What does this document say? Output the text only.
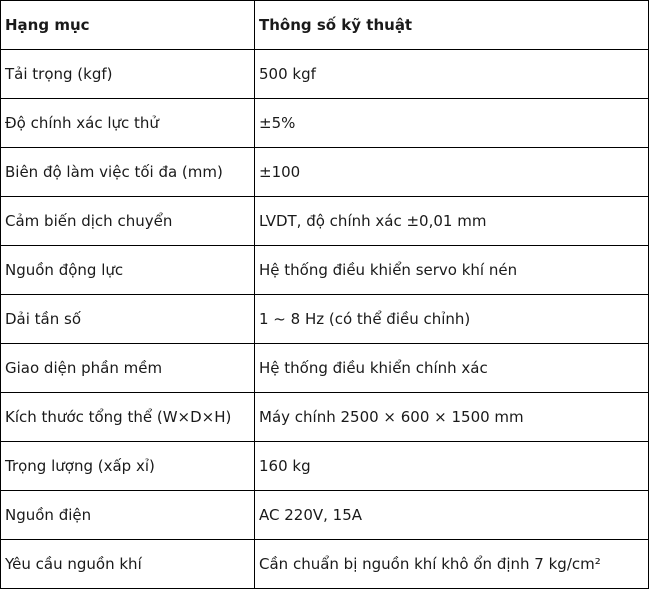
Hạng mục	Thông số kỹ thuật
Tải trọng (kgf)	500 kgf
Độ chính xác lực thử	±5%
Biên độ làm việc tối đa (mm)	±100
Cảm biến dịch chuyển	LVDT, độ chính xác ±0,01 mm
Nguồn động lực	Hệ thống điều khiển servo khí nén
Dải tần số	1 ~ 8 Hz (có thể điều chỉnh)
Giao diện phần mềm	Hệ thống điều khiển chính xác
Kích thước tổng thể (W×D×H)	Máy chính 2500 × 600 × 1500 mm
Trọng lượng (xấp xỉ)	160 kg
Nguồn điện	AC 220V, 15A
Yêu cầu nguồn khí	Cần chuẩn bị nguồn khí khô ổn định 7 kg/cm²
